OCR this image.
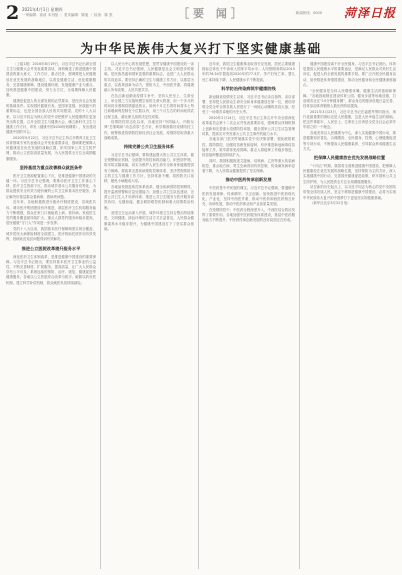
2 2021年4月1日 星期四
一审编辑：高清 本刊组 ｜ 美术编辑：陈旭 ｜ 检查：陈 张	［要 闻］	新闻热线：0000 菏泽日报
为中华民族伟大复兴打下坚实健康基础

〔上接1版〕2016年8月19日，习近平总书记出席全国卫生与健康大会并发表重要讲话，深刻阐述了推进健康中国建设的重大意义、工作方针、重点任务，强调要把人民健康放在优先发展的战略地位，以普及健康生活、优化健康服务、完善健康保障、建设健康环境、发展健康产业为重点，加快推进健康中国建设，努力全方位、全周期保障人民健康。

健康是促进人的全面发展的必然要求，是经济社会发展的基础条件。实现国民健康长寿，是国家富强、民族振兴的重要标志，也是全国各族人民的共同愿望。党的十八大以来，以习近平同志为核心的党中央把维护人民健康摆在更加突出的位置，召开全国卫生与健康大会，确立新时代卫生与健康工作方针，印发《健康中国2030规划纲要》，发出建设健康中国的号召。

2020年9月22日，习近平总书记主持召开教育文化卫生体育领域专家代表座谈会并发表重要讲话，强调要把保障人民健康放在优先发展的战略位置，织牢国家公共卫生防护网，推动公立医院高质量发展，为人民提供全方位全周期健康服务。

坚持基层为重点改善群众就医条件

医疗卫生资源配置重心下沉，是推进健康中国建设的关键一环。习近平总书记强调，要推动医疗卫生工作重心下移、医疗卫生资源下沉，推动城乡基本公共服务均等化，为群众提供安全有效方便价廉的公共卫生和基本医疗服务，真正解决好基层群众看病难、看病贵问题。

近年来，各地积极推进分级诊疗制度建设，县域医共体、城市医疗集团建设有序推进，基层医疗卫生机构服务能力不断增强，群众在家门口就能看上病、看好病。家庭医生签约服务覆盖面持续扩大，重点人群签约服务率稳步提高，居民健康“守门人”作用进一步发挥。

党的十八大以来，我国基本医疗保障制度实现全覆盖，城乡居民大病保险制度全面建立，医疗救助托底作用有效发挥，因病致贫返贫问题得到有效解决。

推进公立医院改革提升服务水平

深化医药卫生体制改革，是推进健康中国建设的重要保障。习近平总书记指出，要坚持基本医疗卫生事业的公益性，不断完善制度、扩展服务、提高质量，让广大人民群众享有公平可及、系统连续的预防、治疗、康复、健康促进等健康服务。各地以公立医院综合改革为抓手，破除以药补医机制，建立科学补偿机制，群众就医负担持续减轻。

以人民为中心的发展思想，是贯穿健康中国建设的一条主线。习近平总书记强调，人民健康是社会文明进步的基础，是民族昌盛和国家富强的重要标志，也是广大人民群众的共同追求。要坚持正确的卫生与健康工作方针，以基层为重点，以改革创新为动力，预防为主，中西医并重，将健康融入所有政策，人民共建共享。

在抗击新冠肺炎疫情斗争中，坚持人民至上、生命至上，举全国之力实施规模空前的生命大救援，用一个多月的时间初步遏制疫情蔓延势头，用两个月左右的时间将本土每日新增病例控制在个位数以内，用三个月左右的时间取得武汉保卫战、湖北保卫战的决定性成果。

疫情防控常态化以来，各地坚持“外防输入、内防反弹”总策略和“动态清零”总方针，科学精准做好疫情防控工作，统筹推进疫情防控和经济社会发展，疫情防控取得重大战略成果。

持续完善公共卫生服务体系

习近平总书记强调，要构建起强大的公共卫生体系，健全预警响应机制，全面提升防控和救治能力，织密防护网、筑牢筑实隔离墙，切实为维护人民生命安全和身体健康提供有力保障。要改革完善疾病预防控制体系，坚决贯彻预防为主的卫生与健康工作方针，坚持常备不懈，将预防关口前移，避免小病酿成大疫。

各地加快推进疾控体系改革，健全疾病预防控制网络，提升监测预警和应急处置能力；加强公共卫生队伍建设，完善公共卫生人才培养体系；推进公共卫生服务与医疗服务高效协同、无缝衔接，健全联防联控机制和重大疫情救治机制。

爱国卫生运动深入开展，城乡环境卫生综合整治持续推进，文明健康、绿色环保的生活方式日益普及，人民群众健康素养水平稳步提升，为健康中国建设打下了坚实群众基础。

近年来，我国卫生健康事业取得长足发展，居民主要健康指标总体优于中高收入国家平均水平。人均预期寿命从2015年的76.34岁提高到2020年的77.3岁，孕产妇死亡率、婴儿死亡率持续下降，人民健康水平不断提高。

科学防治传染病筑牢健康防线

新冠肺炎疫情发生以来，习近平总书记亲自指挥、亲自部署，坚持把人民群众生命安全和身体健康放在第一位，团结带领全党全军全国各族人民进行了一场惊心动魄的抗疫大战，经受了一场艰苦卓绝的历史大考。

2020年2月14日，习近平总书记主持召开中央全面深化改革委员会第十二次会议并发表重要讲话，强调要从体制机制上创新和完善重大疫情防控举措，健全国家公共卫生应急管理体系，提高应对突发重大公共卫生事件的能力水平。

各地各部门坚决贯彻落实党中央决策部署，强化联防联控、群防群控，加强疫苗研发和接种，有序推进新冠病毒疫苗接种工作，筑牢群体免疫屏障。重点人群接种工作稳步推进，疫苗接种覆盖面持续扩大。

同时，我国积极推进艾滋病、结核病、乙肝等重大传染病防控，重点地方病、寄生虫病得到有效控制，传染病发病率显著下降，为人民群众健康提供了坚实保障。

推动中医药传承创新发展

中医药是中华民族的瑰宝。习近平总书记强调，要遵循中医药发展规律，传承精华，守正创新，加快推进中医药现代化、产业化，坚持中西医并重，推动中医药和西医药相互补充、协调发展，推动中医药事业和产业高质量发展。

在疫情防控中，中医药全程深度介入，中西医结合救治发挥了重要作用。各地加强中医药服务体系建设，基层中医药服务能力不断提升，中医药传承创新发展的良好局面正在形成。

健康中国建设离不开全民健身。习近平总书记指出，体育是提高人民健康水平的重要途径，是满足人民群众对美好生活向往、促进人的全面发展的重要手段。要广泛开展全民健身活动，加快推进体育强国建设，推动全民健身和全民健康深度融合。

“全民健身是全体人民增强体魄、健康生活的基础和保障。”各地因地制宜建设体育公园、健身步道等场地设施，打造城市社区“15分钟健身圈”，群众身边的健身设施日益完善，经常参加体育锻炼人数比例持续提高。

2021年3月23日，习近平总书记在福建考察时指出，现代化最重要的指标还是人民健康，这是人民幸福生活的基础。把这件事抓牢，人民至上、生命至上应该是全党全社会必须牢牢树立的一个理念。

各地坚持以人民健康为中心，深入实施健康中国行动，推进健康知识普及、合理膳食、全民健身、控烟、心理健康促进等专项行动，不断提高人民健康素养，引导群众养成健康生活方式。

把保障人民健康放在优先发展战略位置

“十四五”时期，我国将全面推进健康中国建设，把保障人民健康放在优先发展的战略位置，坚持预防为主的方针，深入实施健康中国行动，完善国民健康促进政策，织牢国家公共卫生防护网，为人民提供全方位全周期健康服务。

站在新的历史起点上，以习近平同志为核心的党中央团结带领全国各族人民，坚定不移推进健康中国建设，必将为实现中华民族伟大复兴的中国梦打下更加坚实的健康基础。

（新华社北京3月31日电）
